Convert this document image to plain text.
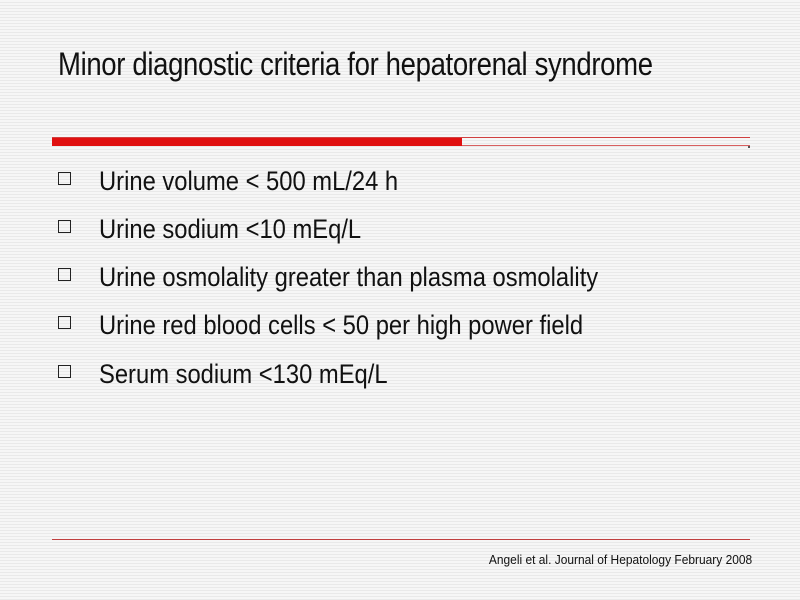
Minor diagnostic criteria for hepatorenal syndrome
Urine volume < 500 mL/24 h
Urine sodium <10 mEq/L
Urine osmolality greater than plasma osmolality
Urine red blood cells < 50 per high power field
Serum sodium <130 mEq/L
Angeli et al. Journal of Hepatology February 2008
